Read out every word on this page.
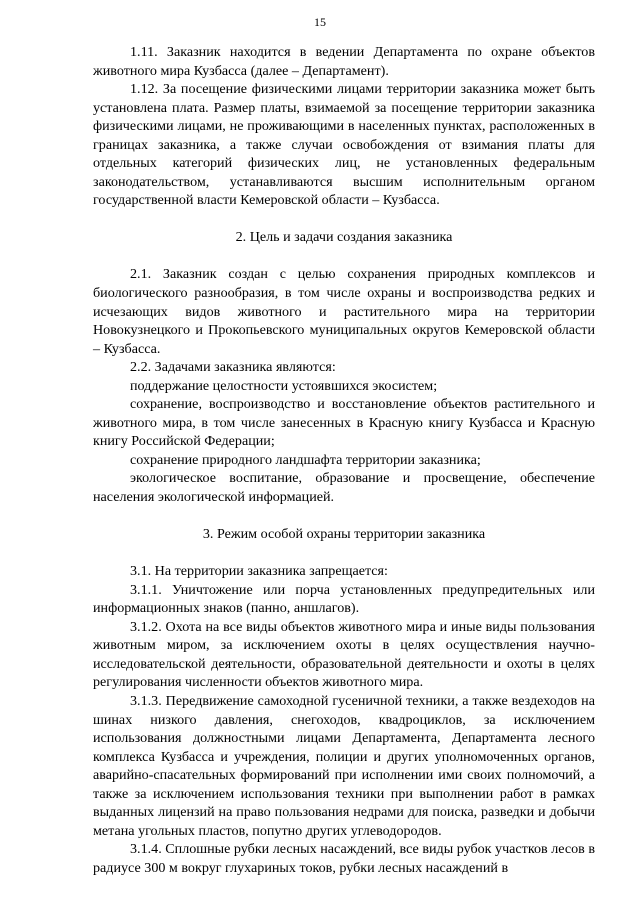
15

1.11. Заказник находится в ведении Департамента по охране объектов животного мира Кузбасса (далее – Департамент).

1.12. За посещение физическими лицами территории заказника может быть установлена плата. Размер платы, взимаемой за посещение территории заказника физическими лицами, не проживающими в населенных пунктах, расположенных в границах заказника, а также случаи освобождения от взимания платы для отдельных категорий физических лиц, не установленных федеральным законодательством, устанавливаются высшим исполнительным органом государственной власти Кемеровской области – Кузбасса.

2. Цель и задачи создания заказника

2.1. Заказник создан с целью сохранения природных комплексов и биологического разнообразия, в том числе охраны и воспроизводства редких и исчезающих видов животного и растительного мира на территории Новокузнецкого и Прокопьевского муниципальных округов Кемеровской области – Кузбасса.

2.2. Задачами заказника являются:

поддержание целостности устоявшихся экосистем;

сохранение, воспроизводство и восстановление объектов растительного и животного мира, в том числе занесенных в Красную книгу Кузбасса и Красную книгу Российской Федерации;

сохранение природного ландшафта территории заказника;

экологическое воспитание, образование и просвещение, обеспечение населения экологической информацией.

3. Режим особой охраны территории заказника

3.1. На территории заказника запрещается:

3.1.1. Уничтожение или порча установленных предупредительных или информационных знаков (панно, аншлагов).

3.1.2. Охота на все виды объектов животного мира и иные виды пользования животным миром, за исключением охоты в целях осуществления научно-исследовательской деятельности, образовательной деятельности и охоты в целях регулирования численности объектов животного мира.

3.1.3. Передвижение самоходной гусеничной техники, а также вездеходов на шинах низкого давления, снегоходов, квадроциклов, за исключением использования должностными лицами Департамента, Департамента лесного комплекса Кузбасса и учреждения, полиции и других уполномоченных органов, аварийно-спасательных формирований при исполнении ими своих полномочий, а также за исключением использования техники при выполнении работ в рамках выданных лицензий на право пользования недрами для поиска, разведки и добычи метана угольных пластов, попутно других углеводородов.

3.1.4. Сплошные рубки лесных насаждений, все виды рубок участков лесов в радиусе 300 м вокруг глухариных токов, рубки лесных насаждений в
